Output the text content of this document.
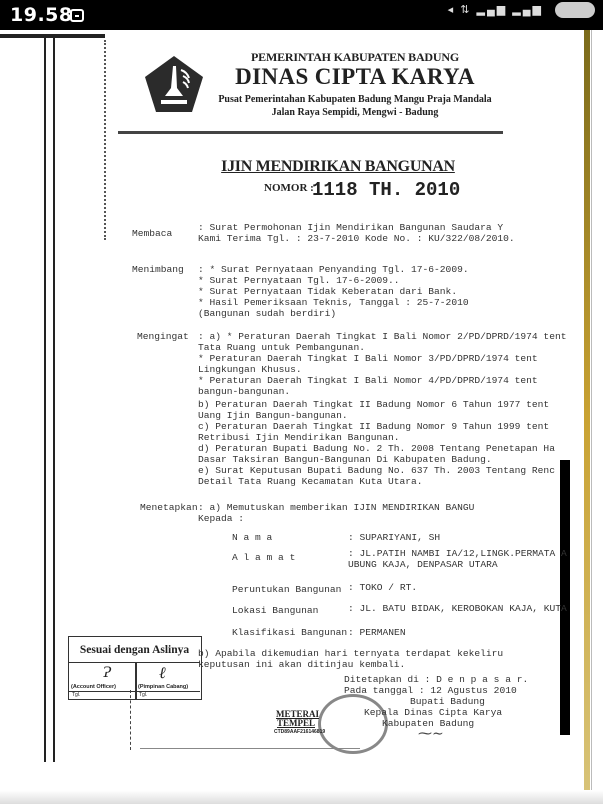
19.58	◂ ⇅ ▂▄▆ ▂▄▆
PEMERINTAH KABUPATEN BADUNG
DINAS CIPTA KARYA
Pusat Pemerintahan Kabupaten Badung Mangu Praja Mandala
Jalan Raya Sempidi, Mengwi - Badung
IJIN MENDIRIKAN BANGUNAN
NOMOR :
1118 TH. 2010
Membaca
: Surat Permohonan Ijin Mendirikan Bangunan Saudara Y
Kami Terima Tgl. : 23-7-2010 Kode No. : KU/322/08/2010.
Menimbang : * Surat Pernyataan Penyanding Tgl. 17-6-2009.
* Surat Pernyataan Tgl. 17-6-2009..
* Surat Pernyataan Tidak Keberatan dari Bank.
* Hasil Pemeriksaan Teknis, Tanggal : 25-7-2010
(Bangunan sudah berdiri)
Mengingat : a) * Peraturan Daerah Tingkat I Bali Nomor 2/PD/DPRD/1974 tent
Tata Ruang untuk Pembangunan.
* Peraturan Daerah Tingkat I Bali Nomor 3/PD/DPRD/1974 tent
Lingkungan Khusus.
* Peraturan Daerah Tingkat I Bali Nomor 4/PD/DPRD/1974 tent
bangun-bangunan.
b) Peraturan Daerah Tingkat II Badung Nomor 6 Tahun 1977 tent
Uang Ijin Bangun-bangunan.
c) Peraturan Daerah Tingkat II Badung Nomor 9 Tahun 1999 tent
Retribusi Ijin Mendirikan Bangunan.
d) Peraturan Bupati Badung No. 2 Th. 2008 Tentang Penetapan Ha
Dasar Taksiran Bangun-Bangunan Di Kabupaten Badung.
e) Surat Keputusan Bupati Badung No. 637 Th. 2003 Tentang Renc
Detail Tata Ruang Kecamatan Kuta Utara.
Menetapkan : a) Memutuskan memberikan IJIN MENDIRIKAN BANGU
Kepada :
N a m a	: SUPARIYANI, SH
A l a m a t	: JL.PATIH NAMBI IA/12,LINGK.PERMATA A
UBUNG KAJA, DENPASAR UTARA
Peruntukan Bangunan : TOKO / RT.
Lokasi Bangunan	: JL. BATU BIDAK, KEROBOKAN KAJA, KUTA
Klasifikasi Bangunan : PERMANEN
b) Apabila dikemudian hari ternyata terdapat kekeliru
keputusan ini akan ditinjau kembali.
Ditetapkan di : D e n p a s a r.
Pada tanggal : 12 Agustus 2010
Bupati Badung
Kepala Dinas Cipta Karya
Kabupaten Badung
METERAI TEMPEL
CTD89AAF216146819	⁓∼
Sesuai dengan Aslinya
Ɂ	ℓ
(Account Officer)	(Pimpinan Cabang)
Tgl.	Tgl.
